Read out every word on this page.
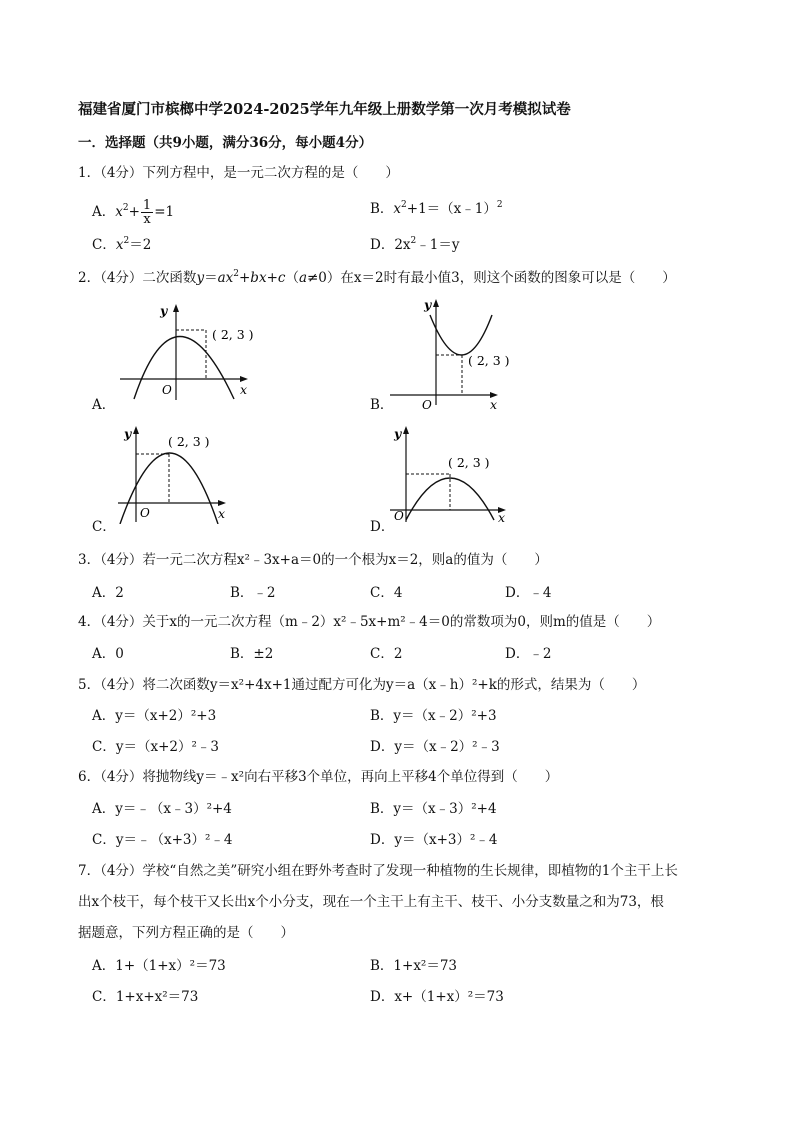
福建省厦门市槟榔中学2024-2025学年九年级上册数学第一次月考模拟试卷
一．选择题（共9小题，满分36分，每小题4分）
1．（4分）下列方程中，是一元二次方程的是（　　）
A．$x^2+ \frac{1}{x} =1$	B．$x^2+1=(x﹣1)^2$
C．$x^2=2$	D．$2x^2﹣1=y$
2．（4分）二次函数$y=ax^2+bx+c(a\ne 0)$在x＝2时有最小值3，则这个函数的图象可以是（　　）
( 2, 3 )
y
x
O
A．
( 2, 3 )
y
x
O
B．
( 2, 3 )
y
x
O
C．
( 2, 3 )
y
x
O
D．
3．（4分）若一元二次方程x²﹣3x+a＝0的一个根为x＝2，则a的值为（　　）
A．2	B．﹣2	C．4	D．﹣4
4．（4分）关于x的一元二次方程（m﹣2）x²﹣5x+m²﹣4＝0的常数项为0，则m的值是（　　）
A．0	B．±2	C．2	D．﹣2
5．（4分）将二次函数y＝x²+4x+1通过配方可化为y＝a（x﹣h）²+k的形式，结果为（　　）
A．y＝（x+2）²+3	B．y＝（x﹣2）²+3
C．y＝（x+2）²﹣3	D．y＝（x﹣2）²﹣3
6．（4分）将抛物线y＝﹣x²向右平移3个单位，再向上平移4个单位得到（　　）
A．y＝﹣（x﹣3）²+4	B．y＝（x﹣3）²+4
C．y＝﹣（x+3）²﹣4	D．y＝（x+3）²﹣4
7．（4分）学校“自然之美”研究小组在野外考查时了发现一种植物的生长规律，即植物的1个主干上长
出x个枝干，每个枝干又长出x个小分支，现在一个主干上有主干、枝干、小分支数量之和为73，根
据题意，下列方程正确的是（　　）
A．1+（1+x）²＝73	B．1+x²＝73
C．1+x+x²＝73	D．x+（1+x）²＝73
